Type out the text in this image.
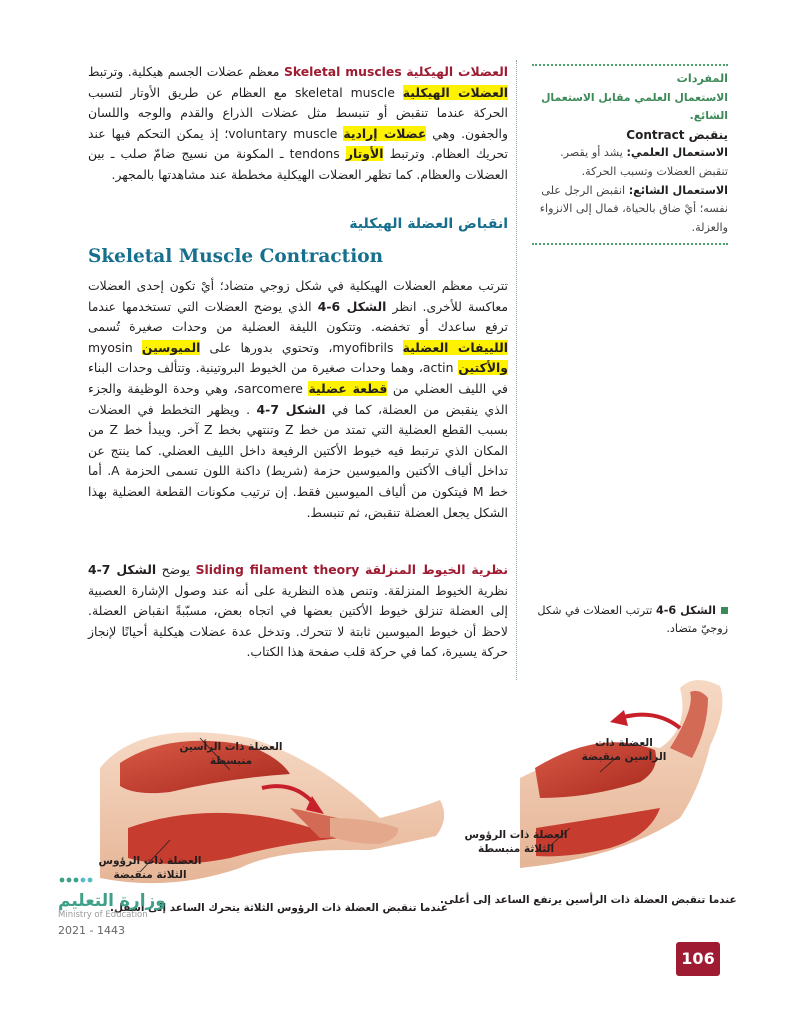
العضلات الهيكلية Skeletal muscles معظم عضلات الجسم هيكلية. وترتبط العضلات الهيكلية skeletal muscle مع العظام عن طريق الأوتار لتسبب الحركة عندما تنقبض أو تنبسط مثل عضلات الذراع والقدم والوجه واللسان والجفون. وهي عضلات إرادية voluntary muscle؛ إذ يمكن التحكم فيها عند تحريك العظام. وترتبط الأوتار tendons ـ المكونة من نسيج ضامّ صلب ـ بين العضلات والعظام. كما تظهر العضلات الهيكلية مخططة عند مشاهدتها بالمجهر.

انقباض العضلة الهيكلية
Skeletal Muscle Contraction
تترتب معظم العضلات الهيكلية في شكل زوجي متضاد؛ أيْ تكون إحدى العضلات معاكسة للأخرى. انظر الشكل 6-4 الذي يوضح العضلات التي تستخدمها عندما ترفع ساعدك أو تخفضه. وتتكون الليفة العضلية من وحدات صغيرة تُسمى اللييفات العضلية myofibrils، وتحتوي بدورها على الميوسين myosin والأكتين actin، وهما وحدات صغيرة من الخيوط البروتينية. وتتألف وحدات البناء في الليف العضلي من قطعة عضلية sarcomere، وهي وحدة الوظيفة والجزء الذي ينقبض من العضلة، كما في الشكل 7-4 . ويظهر التخطط في العضلات بسبب القطع العضلية التي تمتد من خط Z وتنتهي بخط Z آخر. ويبدأ خط Z من المكان الذي ترتبط فيه خيوط الأكتين الرفيعة داخل الليف العضلي. كما ينتج عن تداخل ألياف الأكتين والميوسين حزمة (شريط) داكنة اللون تسمى الحزمة A. أما خط M فيتكون من ألياف الميوسين فقط. إن ترتيب مكونات القطعة العضلية بهذا الشكل يجعل العضلة تنقبض، ثم تنبسط.
نظرية الخيوط المنزلقة Sliding filament theory يوضح الشكل 7-4 نظرية الخيوط المنزلقة. وتنص هذه النظرية على أنه عند وصول الإشارة العصبية إلى العضلة تنزلق خيوط الأكتين بعضها في اتجاه بعض، مسبّبةً انقباض العضلة. لاحظ أن خيوط الميوسين ثابتة لا تتحرك. وتدخل عدة عضلات هيكلية أحيانًا لإنجاز حركة يسيرة، كما في حركة قلب صفحة هذا الكتاب.
المفردات
الاستعمال العلمي مقابل الاستعمال الشائع.
ينقبض Contract
الاستعمال العلمي: يشد أو يقصر. تنقبض العضلات وتسبب الحركة.
الاستعمال الشائع: انقبض الرجل على نفسه؛ أيْ ضاق بالحياة، فمال إلى الانزواء والعزلة.
الشكل 6-4 تترتب العضلات في شكل زوجيّ متضاد.
العضلة ذات الرأسين منبسطة
العضلة ذات الرؤوس الثلاثة منقبضة
العضلة ذات الرأسين منقبضة
العضلة ذات الرؤوس الثلاثة منبسطة
عندما تنقبض العضلة ذات الرؤوس الثلاثة يتحرك الساعد إلى أسفل.
عندما تنقبض العضلة ذات الرأسين يرتفع الساعد إلى أعلى.
وزارة التعليم
Ministry of Education
2021 - 1443
106
